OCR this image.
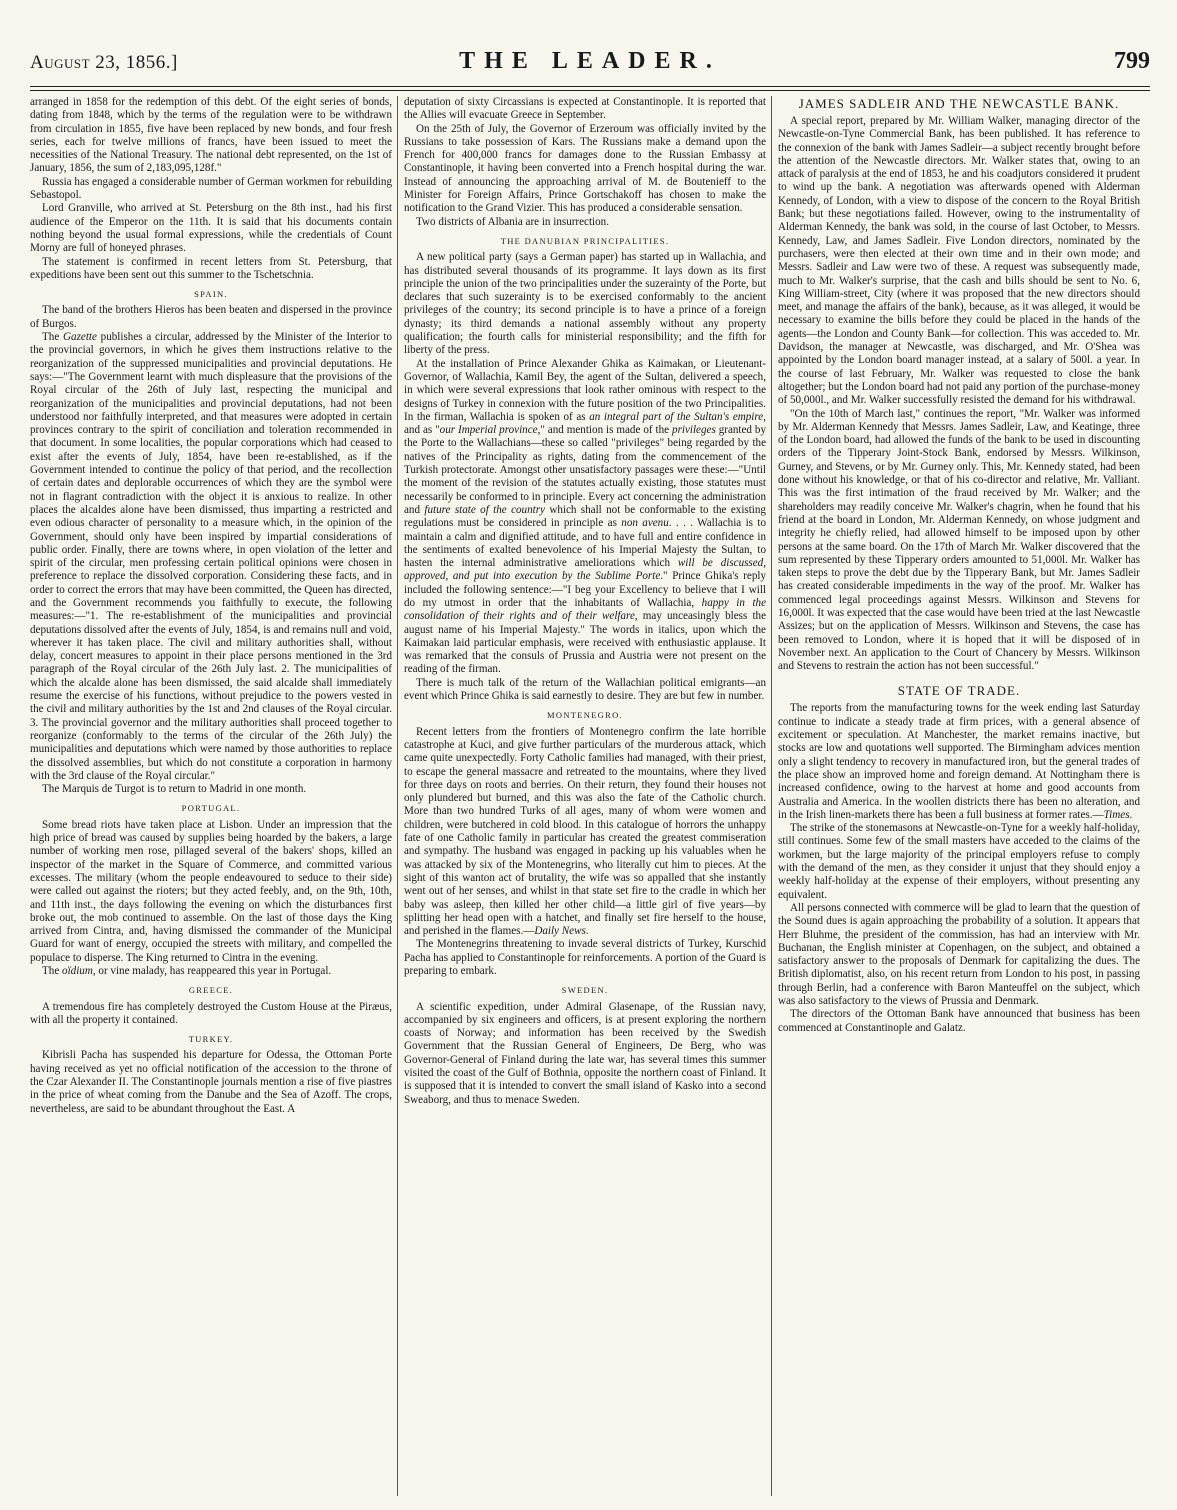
August 23, 1856.]	THE LEADER.	799

arranged in 1858 for the redemption of this debt. Of the eight series of bonds, dating from 1848, which by the terms of the regulation were to be withdrawn from circulation in 1855, five have been replaced by new bonds, and four fresh series, each for twelve millions of francs, have been issued to meet the necessities of the National Treasury. The national debt represented, on the 1st of January, 1856, the sum of 2,183,095,128f."

Russia has engaged a considerable number of German workmen for rebuilding Sebastopol.

Lord Granville, who arrived at St. Petersburg on the 8th inst., had his first audience of the Emperor on the 11th. It is said that his documents contain nothing beyond the usual formal expressions, while the credentials of Count Morny are full of honeyed phrases.

The statement is confirmed in recent letters from St. Petersburg, that expeditions have been sent out this summer to the Tschetschnia.

SPAIN.

The band of the brothers Hieros has been beaten and dispersed in the province of Burgos.

The Gazette publishes a circular, addressed by the Minister of the Interior to the provincial governors, in which he gives them instructions relative to the reorganization of the suppressed municipalities and provincial deputations. He says:—"The Government learnt with much displeasure that the provisions of the Royal circular of the 26th of July last, respecting the municipal and reorganization of the municipalities and provincial deputations, had not been understood nor faithfully interpreted, and that measures were adopted in certain provinces contrary to the spirit of conciliation and toleration recommended in that document. In some localities, the popular corporations which had ceased to exist after the events of July, 1854, have been re-established, as if the Government intended to continue the policy of that period, and the recollection of certain dates and deplorable occurrences of which they are the symbol were not in flagrant contradiction with the object it is anxious to realize. In other places the alcaldes alone have been dismissed, thus imparting a restricted and even odious character of personality to a measure which, in the opinion of the Government, should only have been inspired by impartial considerations of public order. Finally, there are towns where, in open violation of the letter and spirit of the circular, men professing certain political opinions were chosen in preference to replace the dissolved corporation. Considering these facts, and in order to correct the errors that may have been committed, the Queen has directed, and the Government recommends you faithfully to execute, the following measures:—"1. The re-establishment of the municipalities and provincial deputations dissolved after the events of July, 1854, is and remains null and void, wherever it has taken place. The civil and military authorities shall, without delay, concert measures to appoint in their place persons mentioned in the 3rd paragraph of the Royal circular of the 26th July last. 2. The municipalities of which the alcalde alone has been dismissed, the said alcalde shall immediately resume the exercise of his functions, without prejudice to the powers vested in the civil and military authorities by the 1st and 2nd clauses of the Royal circular. 3. The provincial governor and the military authorities shall proceed together to reorganize (conformably to the terms of the circular of the 26th July) the municipalities and deputations which were named by those authorities to replace the dissolved assemblies, but which do not constitute a corporation in harmony with the 3rd clause of the Royal circular."

The Marquis de Turgot is to return to Madrid in one month.

PORTUGAL.

Some bread riots have taken place at Lisbon. Under an impression that the high price of bread was caused by supplies being hoarded by the bakers, a large number of working men rose, pillaged several of the bakers' shops, killed an inspector of the market in the Square of Commerce, and committed various excesses. The military (whom the people endeavoured to seduce to their side) were called out against the rioters; but they acted feebly, and, on the 9th, 10th, and 11th inst., the days following the evening on which the disturbances first broke out, the mob continued to assemble. On the last of those days the King arrived from Cintra, and, having dismissed the commander of the Municipal Guard for want of energy, occupied the streets with military, and compelled the populace to disperse. The King returned to Cintra in the evening.

The oïdium, or vine malady, has reappeared this year in Portugal.

GREECE.

A tremendous fire has completely destroyed the Custom House at the Piræus, with all the property it contained.

TURKEY.

Kibrisli Pacha has suspended his departure for Odessa, the Ottoman Porte having received as yet no official notification of the accession to the throne of the Czar Alexander II. The Constantinople journals mention a rise of five piastres in the price of wheat coming from the Danube and the Sea of Azoff. The crops, nevertheless, are said to be abundant throughout the East. A

deputation of sixty Circassians is expected at Constantinople. It is reported that the Allies will evacuate Greece in September.

On the 25th of July, the Governor of Erzeroum was officially invited by the Russians to take possession of Kars. The Russians make a demand upon the French for 400,000 francs for damages done to the Russian Embassy at Constantinople, it having been converted into a French hospital during the war. Instead of announcing the approaching arrival of M. de Boutenieff to the Minister for Foreign Affairs, Prince Gortschakoff has chosen to make the notification to the Grand Vizier. This has produced a considerable sensation.

Two districts of Albania are in insurrection.

THE DANUBIAN PRINCIPALITIES.

A new political party (says a German paper) has started up in Wallachia, and has distributed several thousands of its programme. It lays down as its first principle the union of the two principalities under the suzerainty of the Porte, but declares that such suzerainty is to be exercised conformably to the ancient privileges of the country; its second principle is to have a prince of a foreign dynasty; its third demands a national assembly without any property qualification; the fourth calls for ministerial responsibility; and the fifth for liberty of the press.

At the installation of Prince Alexander Ghika as Kaimakan, or Lieutenant-Governor, of Wallachia, Kamil Bey, the agent of the Sultan, delivered a speech, in which were several expressions that look rather ominous with respect to the designs of Turkey in connexion with the future position of the two Principalities. In the firman, Wallachia is spoken of as an integral part of the Sultan's empire, and as "our Imperial province," and mention is made of the privileges granted by the Porte to the Wallachians—these so called "privileges" being regarded by the natives of the Principality as rights, dating from the commencement of the Turkish protectorate. Amongst other unsatisfactory passages were these:—"Until the moment of the revision of the statutes actually existing, those statutes must necessarily be conformed to in principle. Every act concerning the administration and future state of the country which shall not be conformable to the existing regulations must be considered in principle as non avenu. . . . Wallachia is to maintain a calm and dignified attitude, and to have full and entire confidence in the sentiments of exalted benevolence of his Imperial Majesty the Sultan, to hasten the internal administrative ameliorations which will be discussed, approved, and put into execution by the Sublime Porte." Prince Ghika's reply included the following sentence:—"I beg your Excellency to believe that I will do my utmost in order that the inhabitants of Wallachia, happy in the consolidation of their rights and of their welfare, may unceasingly bless the august name of his Imperial Majesty." The words in italics, upon which the Kaimakan laid particular emphasis, were received with enthusiastic applause. It was remarked that the consuls of Prussia and Austria were not present on the reading of the firman.

There is much talk of the return of the Wallachian political emigrants—an event which Prince Ghika is said earnestly to desire. They are but few in number.

MONTENEGRO.

Recent letters from the frontiers of Montenegro confirm the late horrible catastrophe at Kuci, and give further particulars of the murderous attack, which came quite unexpectedly. Forty Catholic families had managed, with their priest, to escape the general massacre and retreated to the mountains, where they lived for three days on roots and berries. On their return, they found their houses not only plundered but burned, and this was also the fate of the Catholic church. More than two hundred Turks of all ages, many of whom were women and children, were butchered in cold blood. In this catalogue of horrors the unhappy fate of one Catholic family in particular has created the greatest commiseration and sympathy. The husband was engaged in packing up his valuables when he was attacked by six of the Montenegrins, who literally cut him to pieces. At the sight of this wanton act of brutality, the wife was so appalled that she instantly went out of her senses, and whilst in that state set fire to the cradle in which her baby was asleep, then killed her other child—a little girl of five years—by splitting her head open with a hatchet, and finally set fire herself to the house, and perished in the flames.—Daily News.

The Montenegrins threatening to invade several districts of Turkey, Kurschid Pacha has applied to Constantinople for reinforcements. A portion of the Guard is preparing to embark.

SWEDEN.

A scientific expedition, under Admiral Glasenape, of the Russian navy, accompanied by six engineers and officers, is at present exploring the northern coasts of Norway; and information has been received by the Swedish Government that the Russian General of Engineers, De Berg, who was Governor-General of Finland during the late war, has several times this summer visited the coast of the Gulf of Bothnia, opposite the northern coast of Finland. It is supposed that it is intended to convert the small island of Kasko into a second Sweaborg, and thus to menace Sweden.

JAMES SADLEIR AND THE NEWCASTLE BANK.

A special report, prepared by Mr. William Walker, managing director of the Newcastle-on-Tyne Commercial Bank, has been published. It has reference to the connexion of the bank with James Sadleir—a subject recently brought before the attention of the Newcastle directors. Mr. Walker states that, owing to an attack of paralysis at the end of 1853, he and his coadjutors considered it prudent to wind up the bank. A negotiation was afterwards opened with Alderman Kennedy, of London, with a view to dispose of the concern to the Royal British Bank; but these negotiations failed. However, owing to the instrumentality of Alderman Kennedy, the bank was sold, in the course of last October, to Messrs. Kennedy, Law, and James Sadleir. Five London directors, nominated by the purchasers, were then elected at their own time and in their own mode; and Messrs. Sadleir and Law were two of these. A request was subsequently made, much to Mr. Walker's surprise, that the cash and bills should be sent to No. 6, King William-street, City (where it was proposed that the new directors should meet, and manage the affairs of the bank), because, as it was alleged, it would be necessary to examine the bills before they could be placed in the hands of the agents—the London and County Bank—for collection. This was acceded to. Mr. Davidson, the manager at Newcastle, was discharged, and Mr. O'Shea was appointed by the London board manager instead, at a salary of 500l. a year. In the course of last February, Mr. Walker was requested to close the bank altogether; but the London board had not paid any portion of the purchase-money of 50,000l., and Mr. Walker successfully resisted the demand for his withdrawal.

"On the 10th of March last," continues the report, "Mr. Walker was informed by Mr. Alderman Kennedy that Messrs. James Sadleir, Law, and Keatinge, three of the London board, had allowed the funds of the bank to be used in discounting orders of the Tipperary Joint-Stock Bank, endorsed by Messrs. Wilkinson, Gurney, and Stevens, or by Mr. Gurney only. This, Mr. Kennedy stated, had been done without his knowledge, or that of his co-director and relative, Mr. Valliant. This was the first intimation of the fraud received by Mr. Walker; and the shareholders may readily conceive Mr. Walker's chagrin, when he found that his friend at the board in London, Mr. Alderman Kennedy, on whose judgment and integrity he chiefly relied, had allowed himself to be imposed upon by other persons at the same board. On the 17th of March Mr. Walker discovered that the sum represented by these Tipperary orders amounted to 51,000l. Mr. Walker has taken steps to prove the debt due by the Tipperary Bank, but Mr. James Sadleir has created considerable impediments in the way of the proof. Mr. Walker has commenced legal proceedings against Messrs. Wilkinson and Stevens for 16,000l. It was expected that the case would have been tried at the last Newcastle Assizes; but on the application of Messrs. Wilkinson and Stevens, the case has been removed to London, where it is hoped that it will be disposed of in November next. An application to the Court of Chancery by Messrs. Wilkinson and Stevens to restrain the action has not been successful."

STATE OF TRADE.

The reports from the manufacturing towns for the week ending last Saturday continue to indicate a steady trade at firm prices, with a general absence of excitement or speculation. At Manchester, the market remains inactive, but stocks are low and quotations well supported. The Birmingham advices mention only a slight tendency to recovery in manufactured iron, but the general trades of the place show an improved home and foreign demand. At Nottingham there is increased confidence, owing to the harvest at home and good accounts from Australia and America. In the woollen districts there has been no alteration, and in the Irish linen-markets there has been a full business at former rates.—Times.

The strike of the stonemasons at Newcastle-on-Tyne for a weekly half-holiday, still continues. Some few of the small masters have acceded to the claims of the workmen, but the large majority of the principal employers refuse to comply with the demand of the men, as they consider it unjust that they should enjoy a weekly half-holiday at the expense of their employers, without presenting any equivalent.

All persons connected with commerce will be glad to learn that the question of the Sound dues is again approaching the probability of a solution. It appears that Herr Bluhme, the president of the commission, has had an interview with Mr. Buchanan, the English minister at Copenhagen, on the subject, and obtained a satisfactory answer to the proposals of Denmark for capitalizing the dues. The British diplomatist, also, on his recent return from London to his post, in passing through Berlin, had a conference with Baron Manteuffel on the subject, which was also satisfactory to the views of Prussia and Denmark.

The directors of the Ottoman Bank have announced that business has been commenced at Constantinople and Galatz.
